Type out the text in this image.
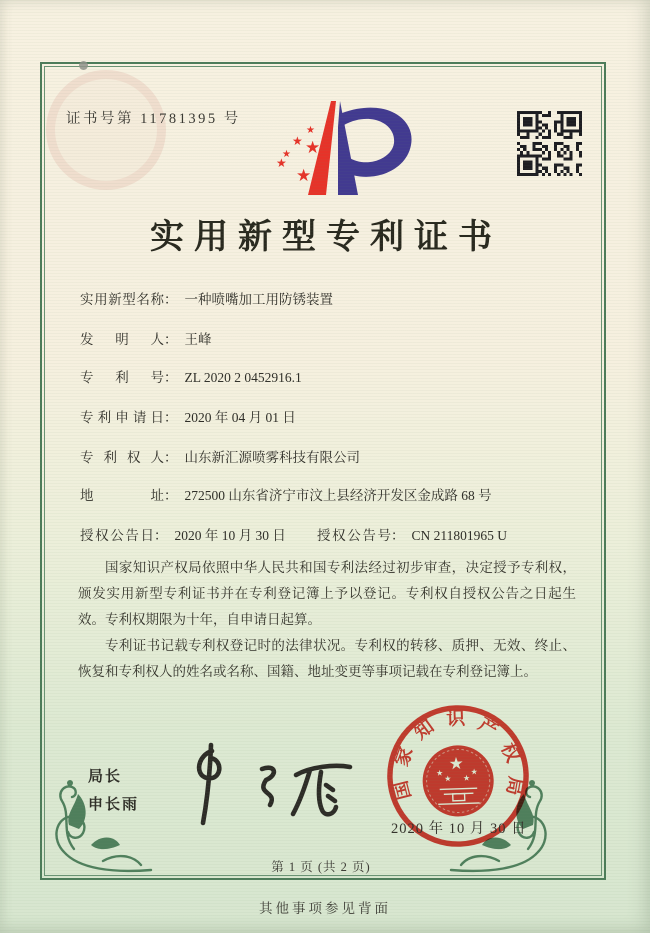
证书号第 11781395 号
★
★ ★
★
★
★
实用新型专利证书
实用新型名称： 一种喷嘴加工用防锈装置
发明人： 王峰
专利号： ZL 2020 2 0452916.1
专利申请日： 2020 年 04 月 01 日
专利权人： 山东新汇源喷雾科技有限公司
地址： 272500 山东省济宁市汶上县经济开发区金成路 68 号
授权公告日： 2020 年 10 月 30 日 授权公告号： CN 211801965 U

国家知识产权局依照中华人民共和国专利法经过初步审查，决定授予专利权，颁发实用新型专利证书并在专利登记簿上予以登记。专利权自授权公告之日起生效。专利权期限为十年，自申请日起算。

专利证书记载专利权登记时的法律状况。专利权的转移、质押、无效、终止、恢复和专利权人的姓名或名称、国籍、地址变更等事项记载在专利登记簿上。

局长
申长雨
国家知识产权局
★
★
★ ★
★
2020 年 10 月 30 日
第 1 页 (共 2 页)
其他事项参见背面
